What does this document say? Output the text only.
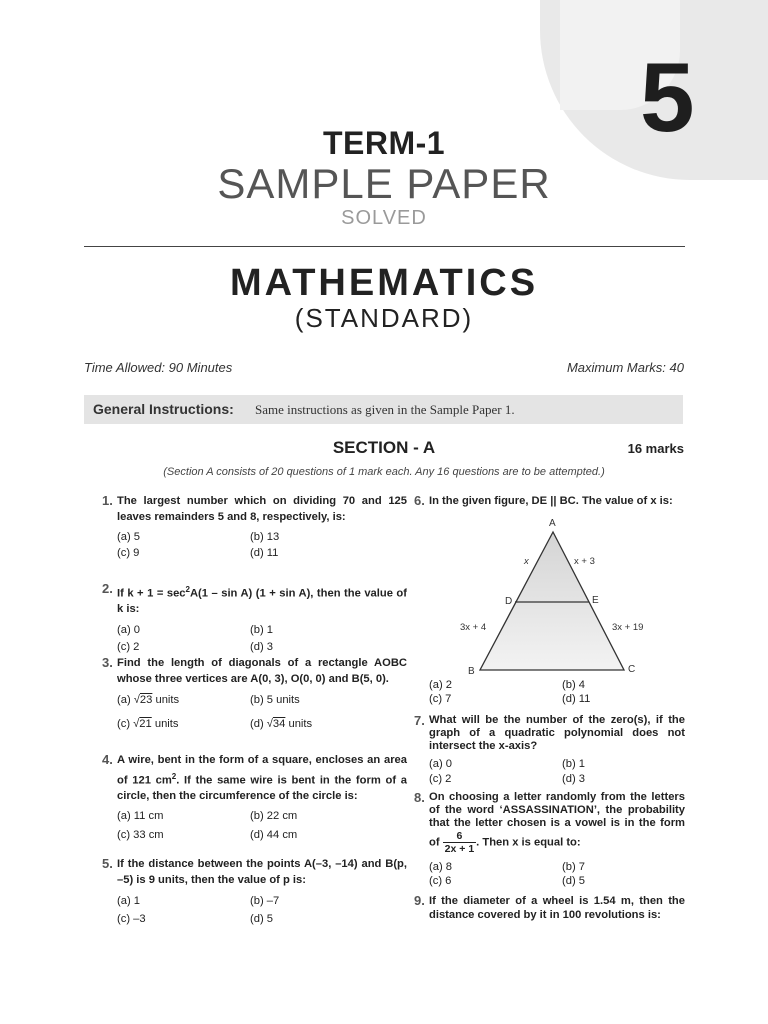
5
TERM-1
SAMPLE PAPER
SOLVED
MATHEMATICS
(STANDARD)
Time Allowed: 90 Minutes	Maximum Marks: 40
General Instructions: Same instructions as given in the Sample Paper 1.
SECTION - A	16 marks
(Section A consists of 20 questions of 1 mark each. Any 16 questions are to be attempted.)
1. The largest number which on dividing 70 and 125 leaves remainders 5 and 8, respectively, is:
(a) 5	(b) 13
(c) 9	(d) 11
2. If $k + 1 = \sec^2A(1 - \sin A) (1 + \sin A)$, then the value of k is:
(a) 0	(b) 1
(c) 2	(d) 3
3. Find the length of diagonals of a rectangle AOBC whose three vertices are A(0, 3), O(0, 0) and B(5, 0).
(a) √23 units	(b) 5 units
(c) √21 units	(d) √34 units
4. A wire, bent in the form of a square, encloses an area of 121 $cm^2$. If the same wire is bent in the form of a circle, then the circumference of the circle is:
(a) 11 cm	(b) 22 cm
(c) 33 cm	(d) 44 cm
5. If the distance between the points A(–3, –14) and B(p, –5) is 9 units, then the value of p is:
(a) 1	(b) –7
(c) –3	(d) 5
6. In the given figure, DE || BC. The value of x is:
A
B	C
D	E
x	x + 3
3x + 4	3x + 19
(a) 2	(b) 4
(c) 7	(d) 11
7. What will be the number of the zero(s), if the graph of a quadratic polynomial does not intersect the x-axis?
(a) 0	(b) 1
(c) 2	(d) 3
8. On choosing a letter randomly from the letters of the word ‘ASSASSINATION’, the probability that the letter chosen is a vowel is in the form of $\frac{6}{2x + 1}$ . Then x is equal to:
(a) 8	(b) 7
(c) 6	(d) 5
9. If the diameter of a wheel is 1.54 m, then the distance covered by it in 100 revolutions is:
